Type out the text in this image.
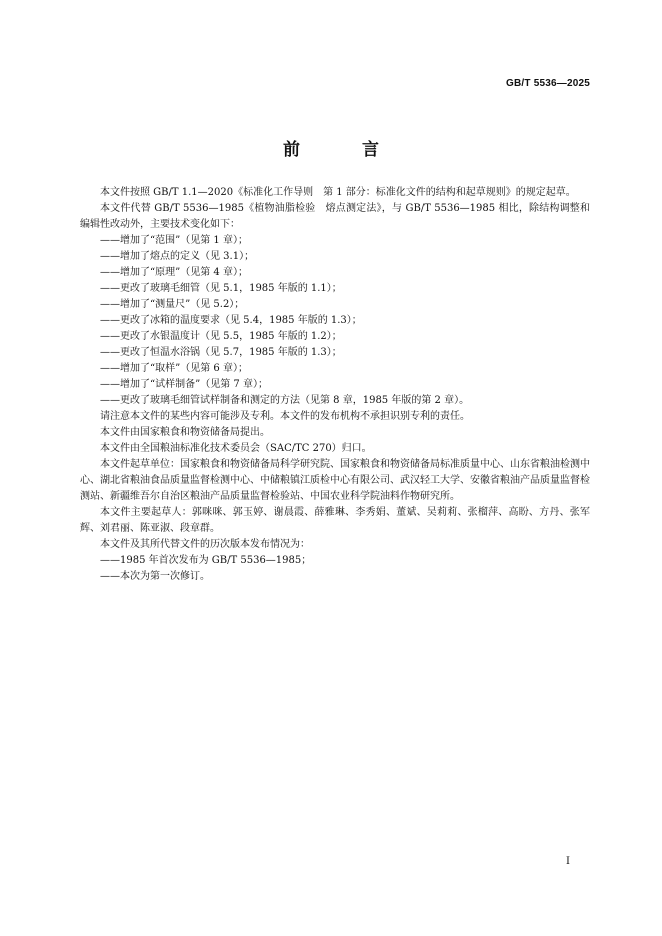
GB/T 5536—2025
前 言

本文件按照 GB/T 1.1—2020《标准化工作导则　第 1 部分：标准化文件的结构和起草规则》的规定起草。

本文件代替 GB/T 5536—1985《植物油脂检验　熔点测定法》，与 GB/T 5536—1985 相比，除结构调整和编辑性改动外，主要技术变化如下：

——增加了“范围”（见第 1 章）；
——增加了熔点的定义（见 3.1）；
——增加了“原理”（见第 4 章）；
——更改了玻璃毛细管（见 5.1，1985 年版的 1.1）；
——增加了“测量尺”（见 5.2）；
——更改了冰箱的温度要求（见 5.4，1985 年版的 1.3）；
——更改了水银温度计（见 5.5，1985 年版的 1.2）；
——更改了恒温水浴锅（见 5.7，1985 年版的 1.3）；
——增加了“取样”（见第 6 章）；
——增加了“试样制备”（见第 7 章）；
——更改了玻璃毛细管试样制备和测定的方法（见第 8 章，1985 年版的第 2 章）。

请注意本文件的某些内容可能涉及专利。本文件的发布机构不承担识别专利的责任。

本文件由国家粮食和物资储备局提出。

本文件由全国粮油标准化技术委员会（SAC/TC 270）归口。

本文件起草单位：国家粮食和物资储备局科学研究院、国家粮食和物资储备局标准质量中心、山东省粮油检测中心、湖北省粮油食品质量监督检测中心、中储粮镇江质检中心有限公司、武汉轻工大学、安徽省粮油产品质量监督检测站、新疆维吾尔自治区粮油产品质量监督检验站、中国农业科学院油料作物研究所。

本文件主要起草人：郭咪咪、郭玉婷、谢晨霞、薛雅琳、李秀娟、董斌、吴莉莉、张榴萍、高盼、方丹、张军辉、刘君丽、陈亚淑、段章群。

本文件及其所代替文件的历次版本发布情况为：

——1985 年首次发布为 GB/T 5536—1985；
——本次为第一次修订。
I
